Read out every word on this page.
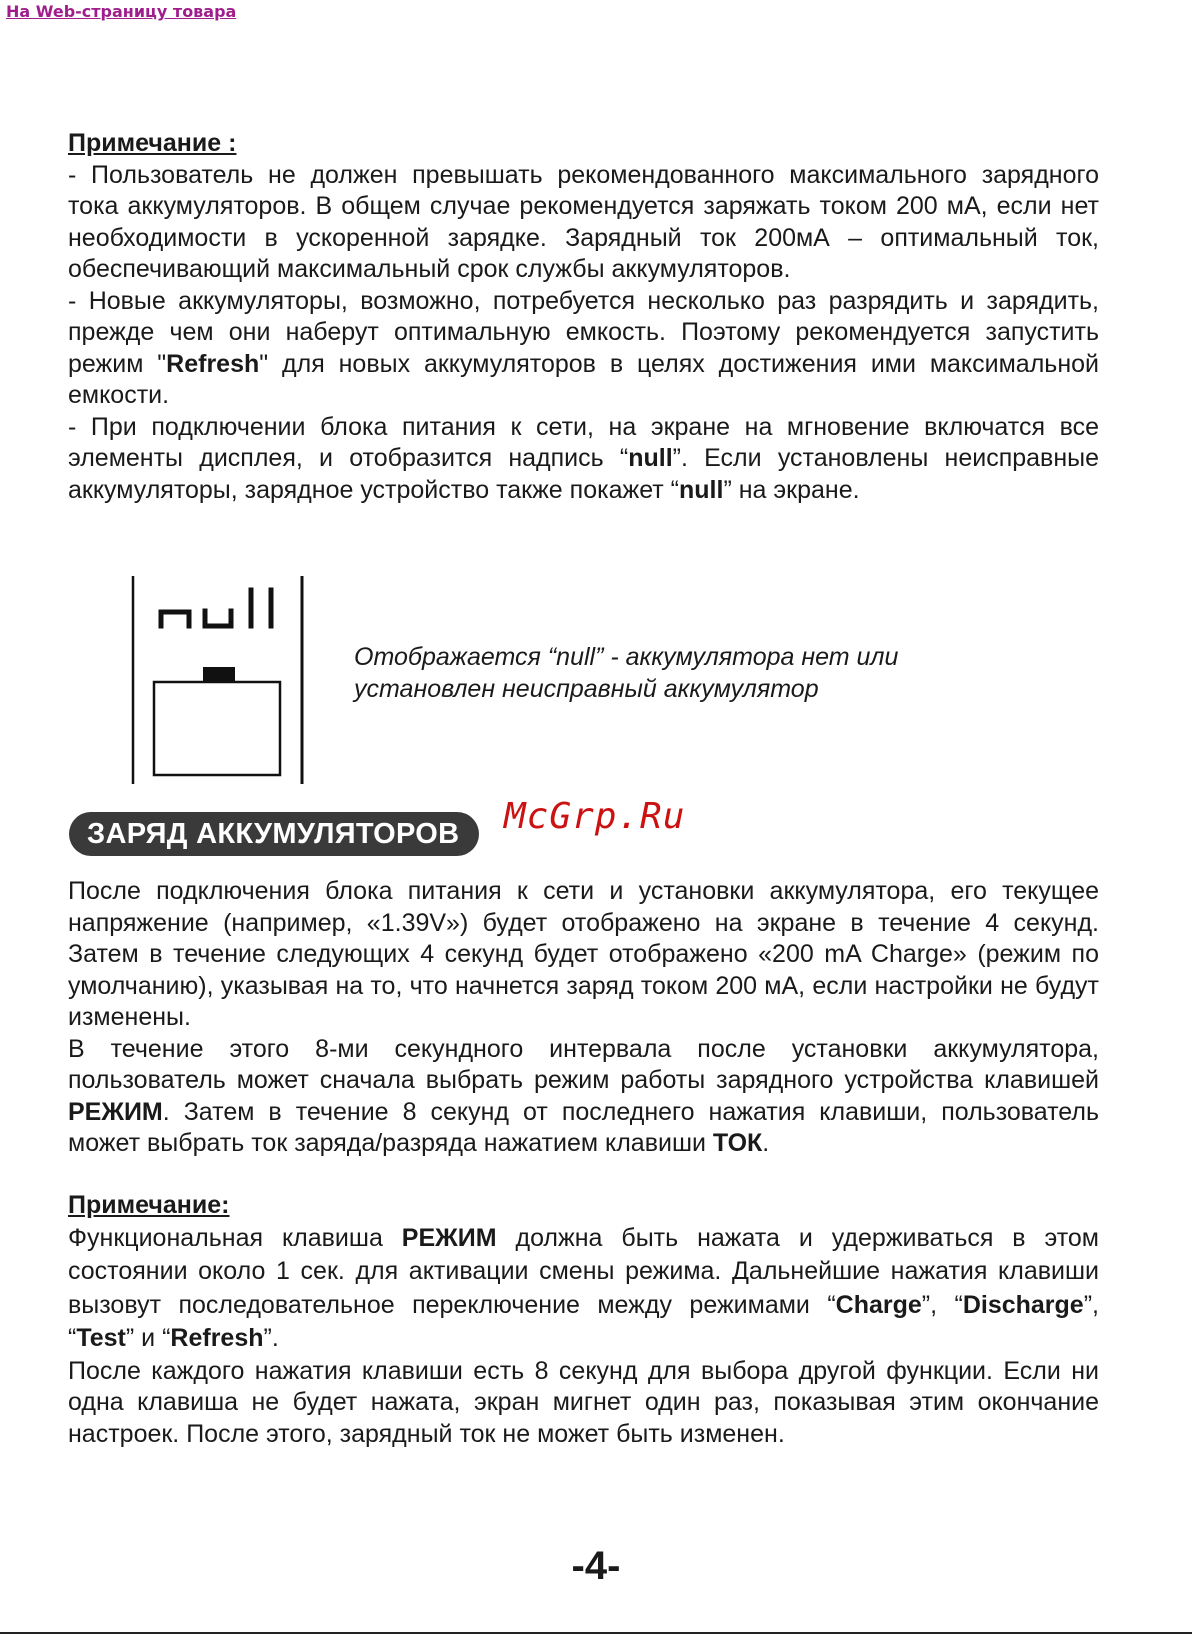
На Web-страницу товара
Примечание :

- Пользователь не должен превышать рекомендованного максимального зарядного тока аккумуляторов. В общем случае рекомендуется заряжать током 200 мА, если нет необходимости в ускоренной зарядке. Зарядный ток 200мА – оптимальный ток, обеспечивающий максимальный срок службы аккумуляторов.

- Новые аккумуляторы, возможно, потребуется несколько раз разрядить и зарядить, прежде чем они наберут оптимальную емкость. Поэтому рекомендуется запустить режим "Refresh" для новых аккумуляторов в целях достижения ими максимальной емкости.

- При подключении блока питания к сети, на экране на мгновение включатся все элементы дисплея, и отобразится надпись “null”. Если установлены неисправные аккумуляторы, зарядное устройство также покажет “null” на экране.

Отображается “null” - аккумулятора нет или
установлен неисправный аккумулятор
ЗАРЯД АККУМУЛЯТОРОВ	McGrp.Ru

После подключения блока питания к сети и установки аккумулятора, его текущее напряжение (например, «1.39V») будет отображено на экране в течение 4 секунд. Затем в течение следующих 4 секунд будет отображено «200 mA Charge» (режим по умолчанию), указывая на то, что начнется заряд током 200 мА, если настройки не будут изменены.

В течение этого 8-ми секундного интервала после установки аккумулятора, пользователь может сначала выбрать режим работы зарядного устройства клавишей РЕЖИМ. Затем в течение 8 секунд от последнего нажатия клавиши, пользователь может выбрать ток заряда/разряда нажатием клавиши ТОК.

Примечание:

Функциональная клавиша РЕЖИМ должна быть нажата и удерживаться в этом состоянии около 1 сек. для активации смены режима. Дальнейшие нажатия клавиши вызовут последовательное переключение между режимами “Charge”, “Discharge”, “Test” и “Refresh”.

После каждого нажатия клавиши есть 8 секунд для выбора другой функции. Если ни одна клавиша не будет нажата, экран мигнет один раз, показывая этим окончание настроек. После этого, зарядный ток не может быть изменен.

-4-
